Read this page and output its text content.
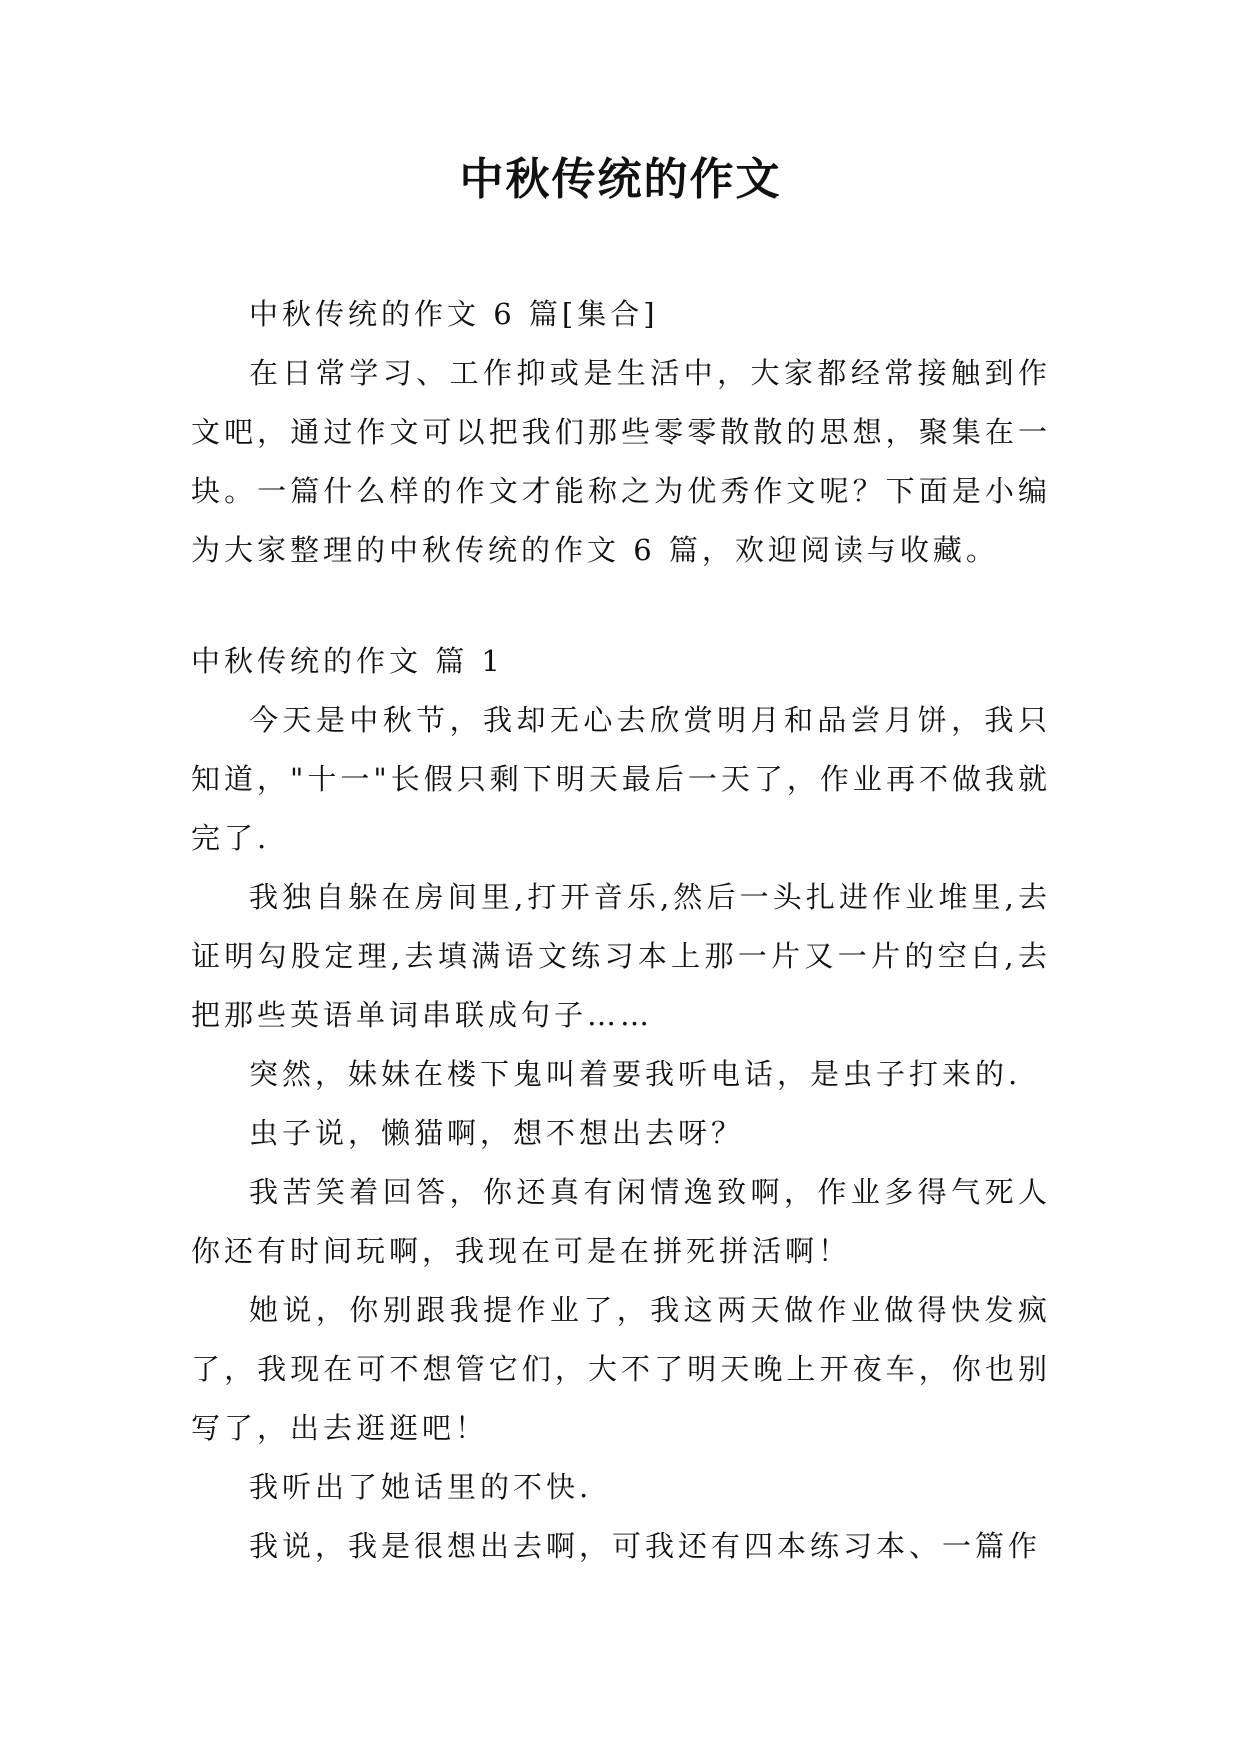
中秋传统的作文

中秋传统的作文 6 篇[集合]

在日常学习、工作抑或是生活中，大家都经常接触到作文吧，通过作文可以把我们那些零零散散的思想，聚集在一块。一篇什么样的作文才能称之为优秀作文呢？下面是小编为大家整理的中秋传统的作文 6 篇，欢迎阅读与收藏。

中秋传统的作文 篇 1

今天是中秋节，我却无心去欣赏明月和品尝月饼，我只知道，"十一"长假只剩下明天最后一天了，作业再不做我就完了.

我独自躲在房间里,打开音乐,然后一头扎进作业堆里,去证明勾股定理,去填满语文练习本上那一片又一片的空白,去把那些英语单词串联成句子……

突然，妹妹在楼下鬼叫着要我听电话，是虫子打来的.

虫子说，懒猫啊，想不想出去呀？

我苦笑着回答，你还真有闲情逸致啊，作业多得气死人你还有时间玩啊，我现在可是在拼死拼活啊！

她说，你别跟我提作业了，我这两天做作业做得快发疯了，我现在可不想管它们，大不了明天晚上开夜车，你也别写了，出去逛逛吧！

我听出了她话里的不快.

我说，我是很想出去啊，可我还有四本练习本、一篇作
